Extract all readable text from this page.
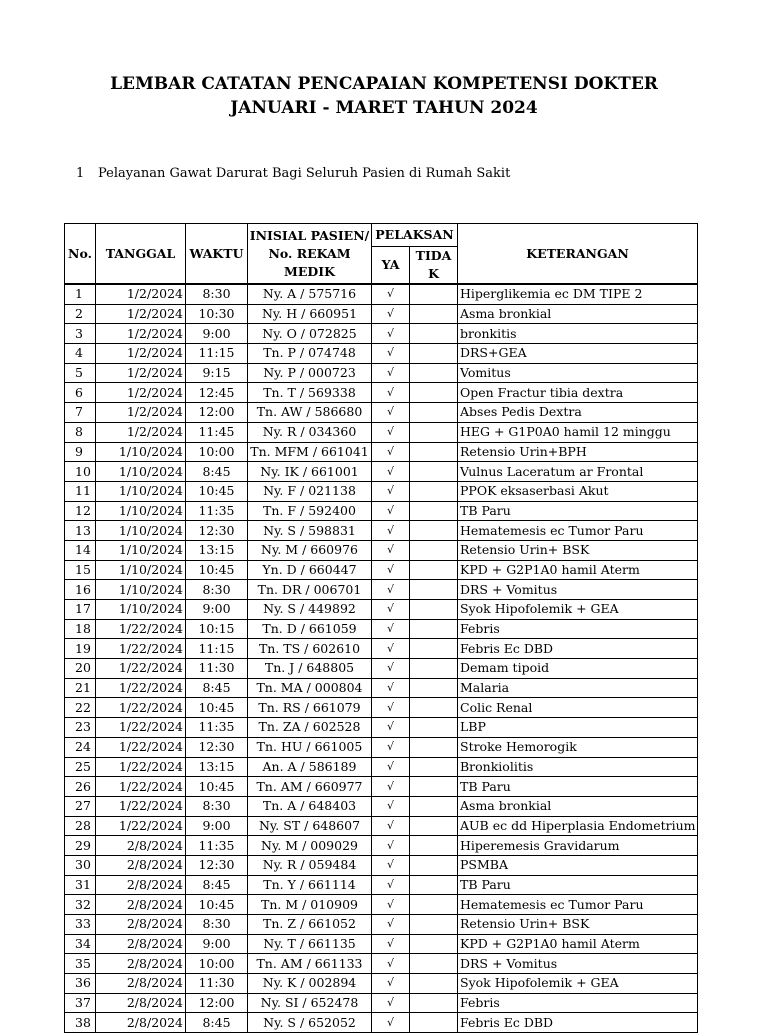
LEMBAR CATATAN PENCAPAIAN KOMPETENSI DOKTER
JANUARI - MARET TAHUN 2024
1 Pelayanan Gawat Darurat Bagi Seluruh Pasien di Rumah Sakit
No.	TANGGAL	WAKTU	INISIAL PASIEN/ No. REKAM MEDIK	PELAKSAN		KETERANGAN
				YA	TIDA K	
1	1/2/2024	8:30	Ny. A / 575716	√		Hiperglikemia ec DM TIPE 2
2	1/2/2024	10:30	Ny. H / 660951	√		Asma bronkial
3	1/2/2024	9:00	Ny. O / 072825	√		bronkitis
4	1/2/2024	11:15	Tn. P / 074748	√		DRS+GEA
5	1/2/2024	9:15	Ny. P / 000723	√		Vomitus
6	1/2/2024	12:45	Tn. T / 569338	√		Open Fractur tibia dextra
7	1/2/2024	12:00	Tn. AW / 586680	√		Abses Pedis Dextra
8	1/2/2024	11:45	Ny. R / 034360	√		HEG + G1P0A0 hamil 12 minggu
9	1/10/2024	10:00	Tn. MFM / 661041	√		Retensio Urin+BPH
10	1/10/2024	8:45	Ny. IK / 661001	√		Vulnus Laceratum ar Frontal
11	1/10/2024	10:45	Ny. F / 021138	√		PPOK eksaserbasi Akut
12	1/10/2024	11:35	Tn. F / 592400	√		TB Paru
13	1/10/2024	12:30	Ny. S / 598831	√		Hematemesis ec Tumor Paru
14	1/10/2024	13:15	Ny. M / 660976	√		Retensio Urin+ BSK
15	1/10/2024	10:45	Yn. D / 660447	√		KPD + G2P1A0 hamil Aterm
16	1/10/2024	8:30	Tn. DR / 006701	√		DRS + Vomitus
17	1/10/2024	9:00	Ny. S / 449892	√		Syok Hipofolemik + GEA
18	1/22/2024	10:15	Tn. D / 661059	√		Febris
19	1/22/2024	11:15	Tn. TS / 602610	√		Febris Ec DBD
20	1/22/2024	11:30	Tn. J / 648805	√		Demam tipoid
21	1/22/2024	8:45	Tn. MA / 000804	√		Malaria
22	1/22/2024	10:45	Tn. RS / 661079	√		Colic Renal
23	1/22/2024	11:35	Tn. ZA / 602528	√		LBP
24	1/22/2024	12:30	Tn. HU / 661005	√		Stroke Hemorogik
25	1/22/2024	13:15	An. A / 586189	√		Bronkiolitis
26	1/22/2024	10:45	Tn. AM / 660977	√		TB Paru
27	1/22/2024	8:30	Tn. A / 648403	√		Asma bronkial
28	1/22/2024	9:00	Ny. ST / 648607	√		AUB ec dd Hiperplasia Endometrium
29	2/8/2024	11:35	Ny. M / 009029	√		Hiperemesis Gravidarum
30	2/8/2024	12:30	Ny. R / 059484	√		PSMBA
31	2/8/2024	8:45	Tn. Y / 661114	√		TB Paru
32	2/8/2024	10:45	Tn. M / 010909	√		Hematemesis ec Tumor Paru
33	2/8/2024	8:30	Tn. Z / 661052	√		Retensio Urin+ BSK
34	2/8/2024	9:00	Ny. T / 661135	√		KPD + G2P1A0 hamil Aterm
35	2/8/2024	10:00	Tn. AM / 661133	√		DRS + Vomitus
36	2/8/2024	11:30	Ny. K / 002894	√		Syok Hipofolemik + GEA
37	2/8/2024	12:00	Ny. SI / 652478	√		Febris
38	2/8/2024	8:45	Ny. S / 652052	√		Febris Ec DBD
